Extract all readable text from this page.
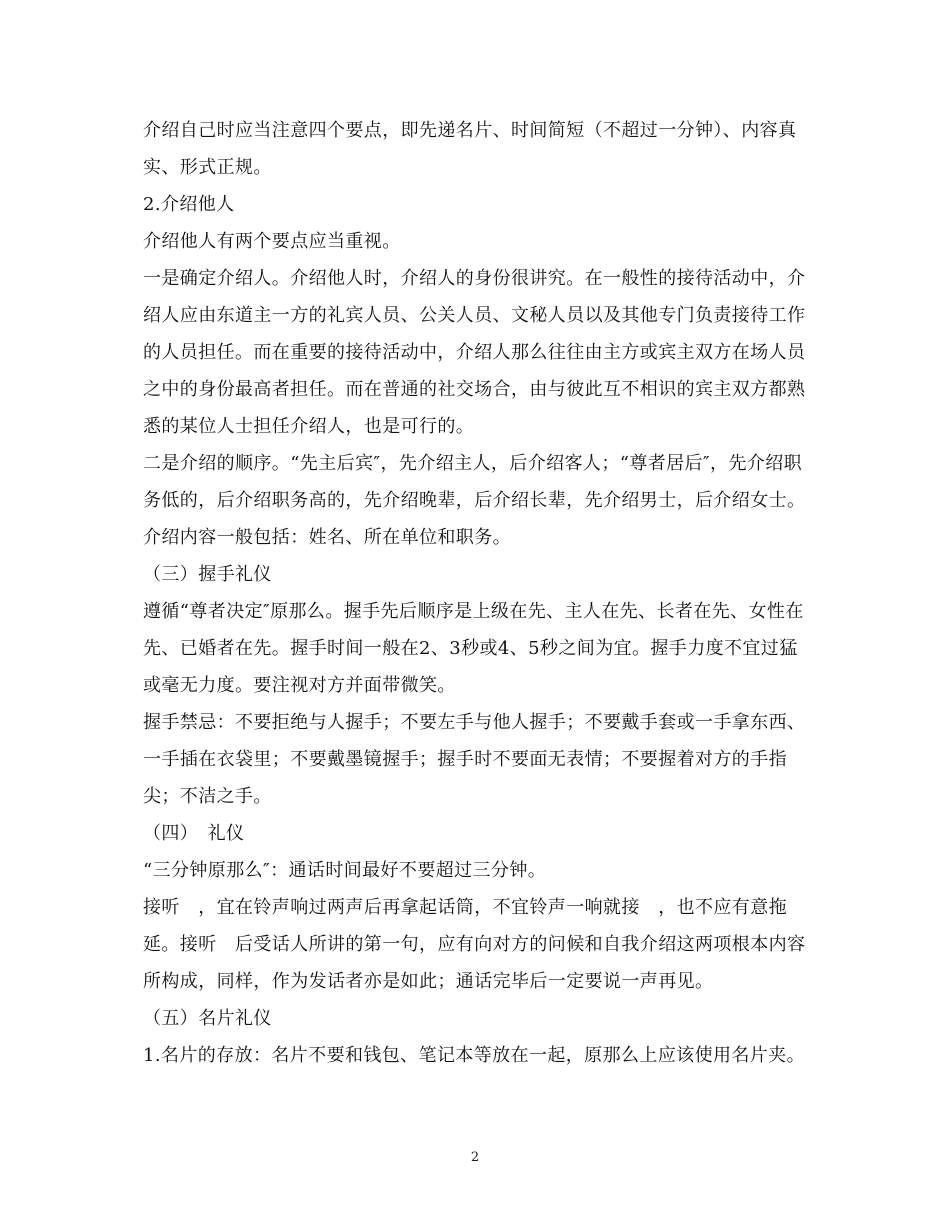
介绍自己时应当注意四个要点，即先递名片、时间简短（不超过一分钟）、内容真实、形式正规。

2.介绍他人

介绍他人有两个要点应当重视。

一是确定介绍人。介绍他人时，介绍人的身份很讲究。在一般性的接待活动中，介绍人应由东道主一方的礼宾人员、公关人员、文秘人员以及其他专门负责接待工作的人员担任。而在重要的接待活动中，介绍人那么往往由主方或宾主双方在场人员之中的身份最高者担任。而在普通的社交场合，由与彼此互不相识的宾主双方都熟悉的某位人士担任介绍人，也是可行的。

二是介绍的顺序。“先主后宾″，先介绍主人，后介绍客人；“尊者居后″，先介绍职务低的，后介绍职务高的，先介绍晚辈，后介绍长辈，先介绍男士，后介绍女士。

介绍内容一般包括：姓名、所在单位和职务。

（三）握手礼仪

遵循“尊者决定″原那么。握手先后顺序是上级在先、主人在先、长者在先、女性在先、已婚者在先。握手时间一般在2、3秒或4、5秒之间为宜。握手力度不宜过猛或毫无力度。要注视对方并面带微笑。

握手禁忌：不要拒绝与人握手；不要左手与他人握手；不要戴手套或一手拿东西、一手插在衣袋里；不要戴墨镜握手；握手时不要面无表情；不要握着对方的手指尖；不洁之手。

（四）　礼仪

“三分钟原那么″：通话时间最好不要超过三分钟。

接听　，宜在铃声响过两声后再拿起话筒，不宜铃声一响就接　，也不应有意拖延。接听　后受话人所讲的第一句，应有向对方的问候和自我介绍这两项根本内容所构成，同样，作为发话者亦是如此；通话完毕后一定要说一声再见。

（五）名片礼仪

1.名片的存放：名片不要和钱包、笔记本等放在一起，原那么上应该使用名片夹。

2
